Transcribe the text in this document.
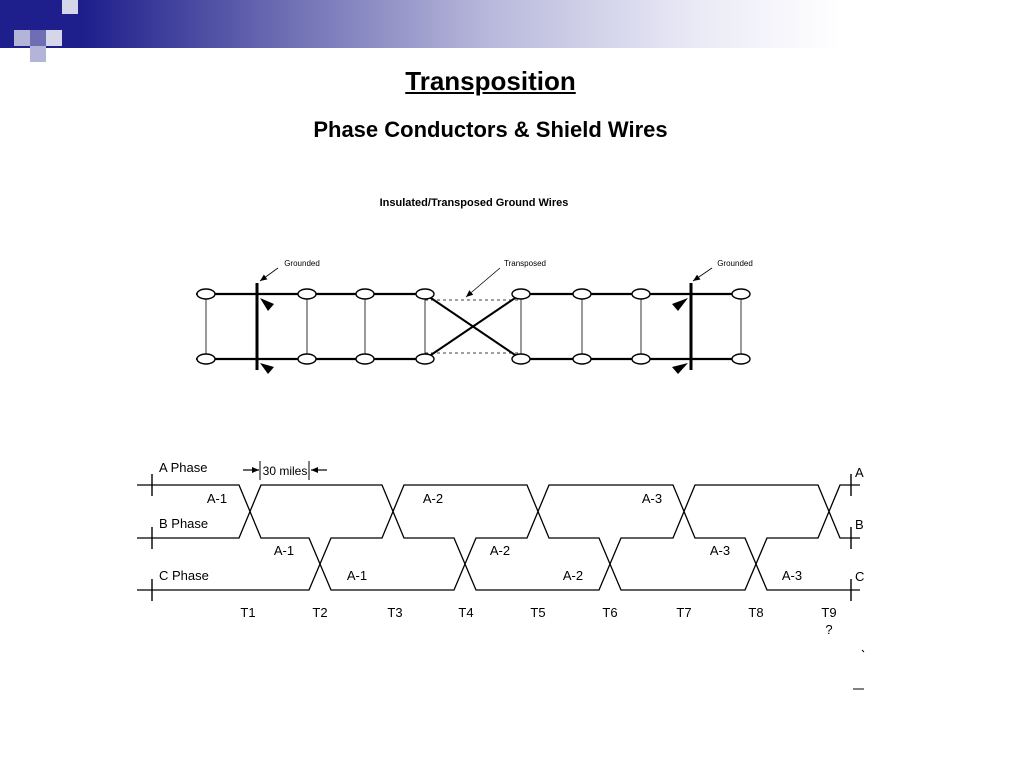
Transposition
Phase Conductors & Shield Wires
Insulated/Transposed Ground Wires
Grounded	Transposed	Grounded
A Phase
B Phase
C Phase
A
B
C
30 miles
A-1	A-2	A-3
A-1	A-2	A-3
A-1	A-2	A-3
T1	T2	T3	T4	T5	T6	T7	T8	T9
?
